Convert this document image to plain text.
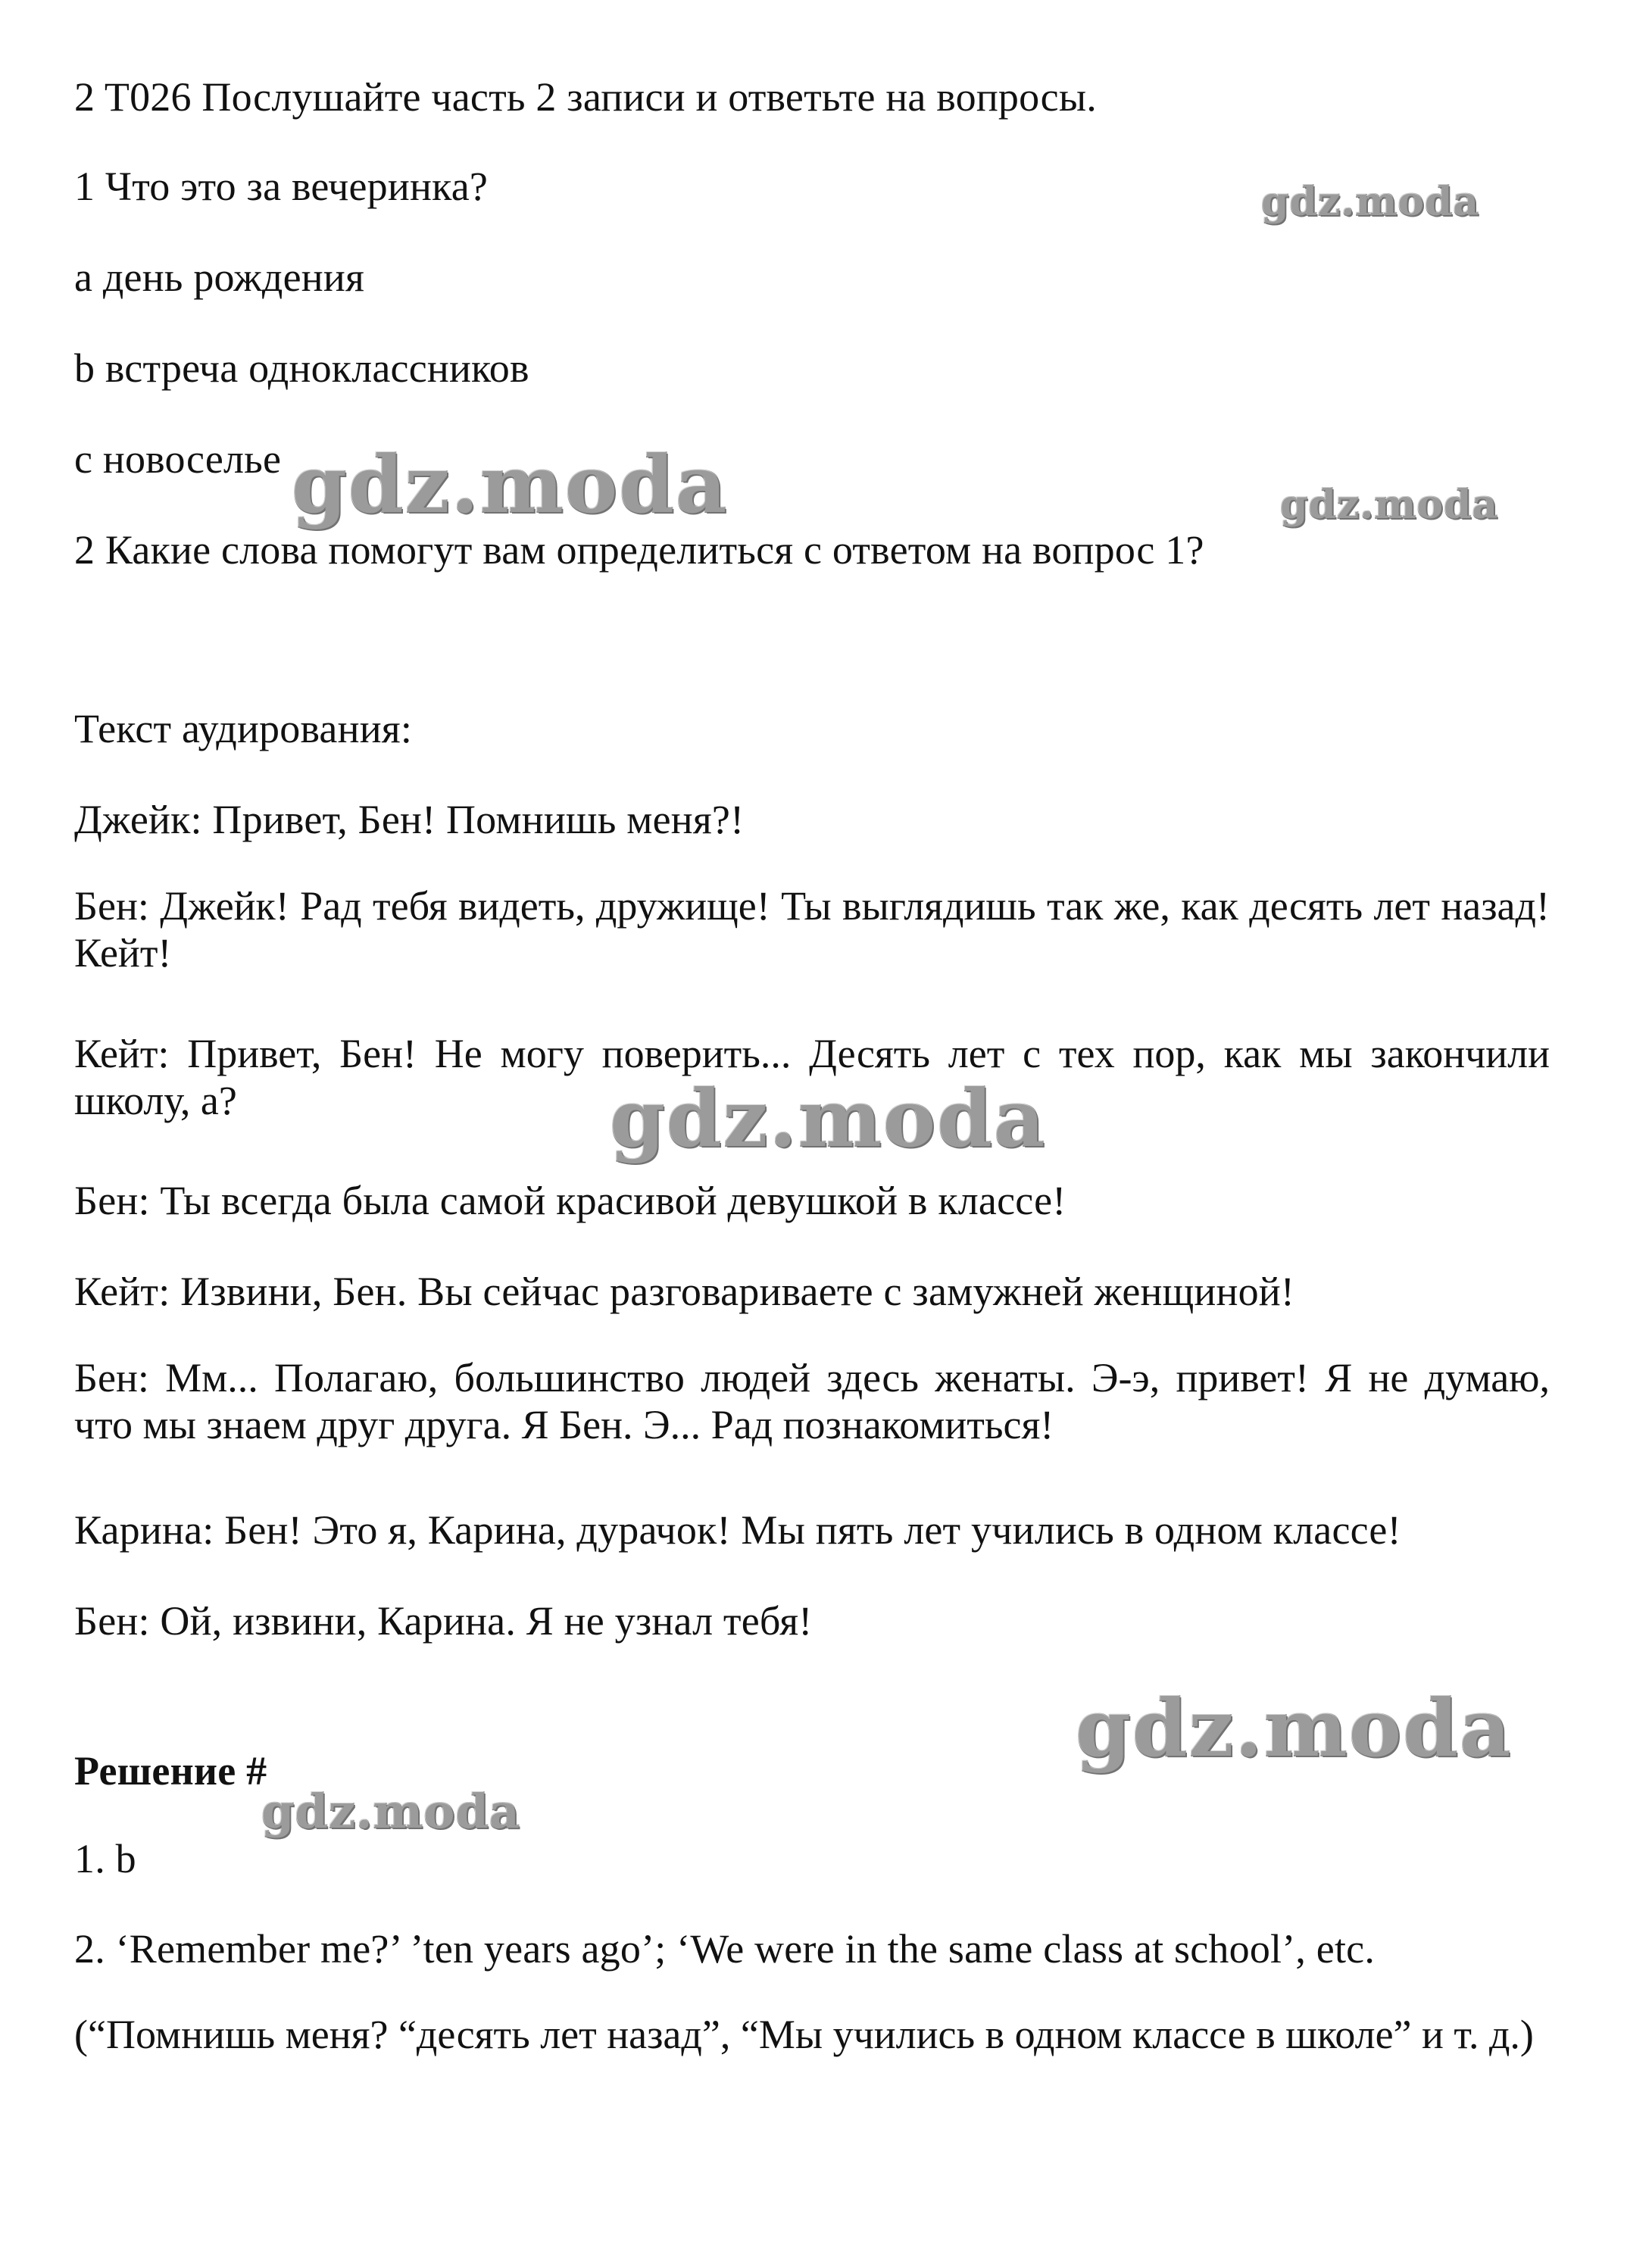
2 T026 Послушайте часть 2 записи и ответьте на вопросы.
1 Что это за вечеринка?
a день рождения
b встреча одноклассников
c новоселье
2 Какие слова помогут вам определиться с ответом на вопрос 1?
Текст аудирования:
Джейк: Привет, Бен! Помнишь меня?!
Бен: Джейк! Рад тебя видеть, дружище! Ты выглядишь так же, как десять лет назад! Кейт!
Кейт: Привет, Бен! Не могу поверить... Десять лет с тех пор, как мы закончили школу, а?
Бен: Ты всегда была самой красивой девушкой в классе!
Кейт: Извини, Бен. Вы сейчас разговариваете с замужней женщиной!
Бен: Мм... Полагаю, большинство людей здесь женаты. Э-э, привет! Я не думаю, что мы знаем друг друга. Я Бен. Э... Рад познакомиться!
Карина: Бен! Это я, Карина, дурачок! Мы пять лет учились в одном классе!
Бен: Ой, извини, Карина. Я не узнал тебя!
Решение #
1. b
2. ‘Remember me?’ ’ten years ago’; ‘We were in the same class at school’, etc.
(“Помнишь меня? “десять лет назад”, “Мы учились в одном классе в школе” и т. д.)
gdz.moda
gdz.moda	gdz.moda
gdz.moda
gdz.moda
gdz.moda
